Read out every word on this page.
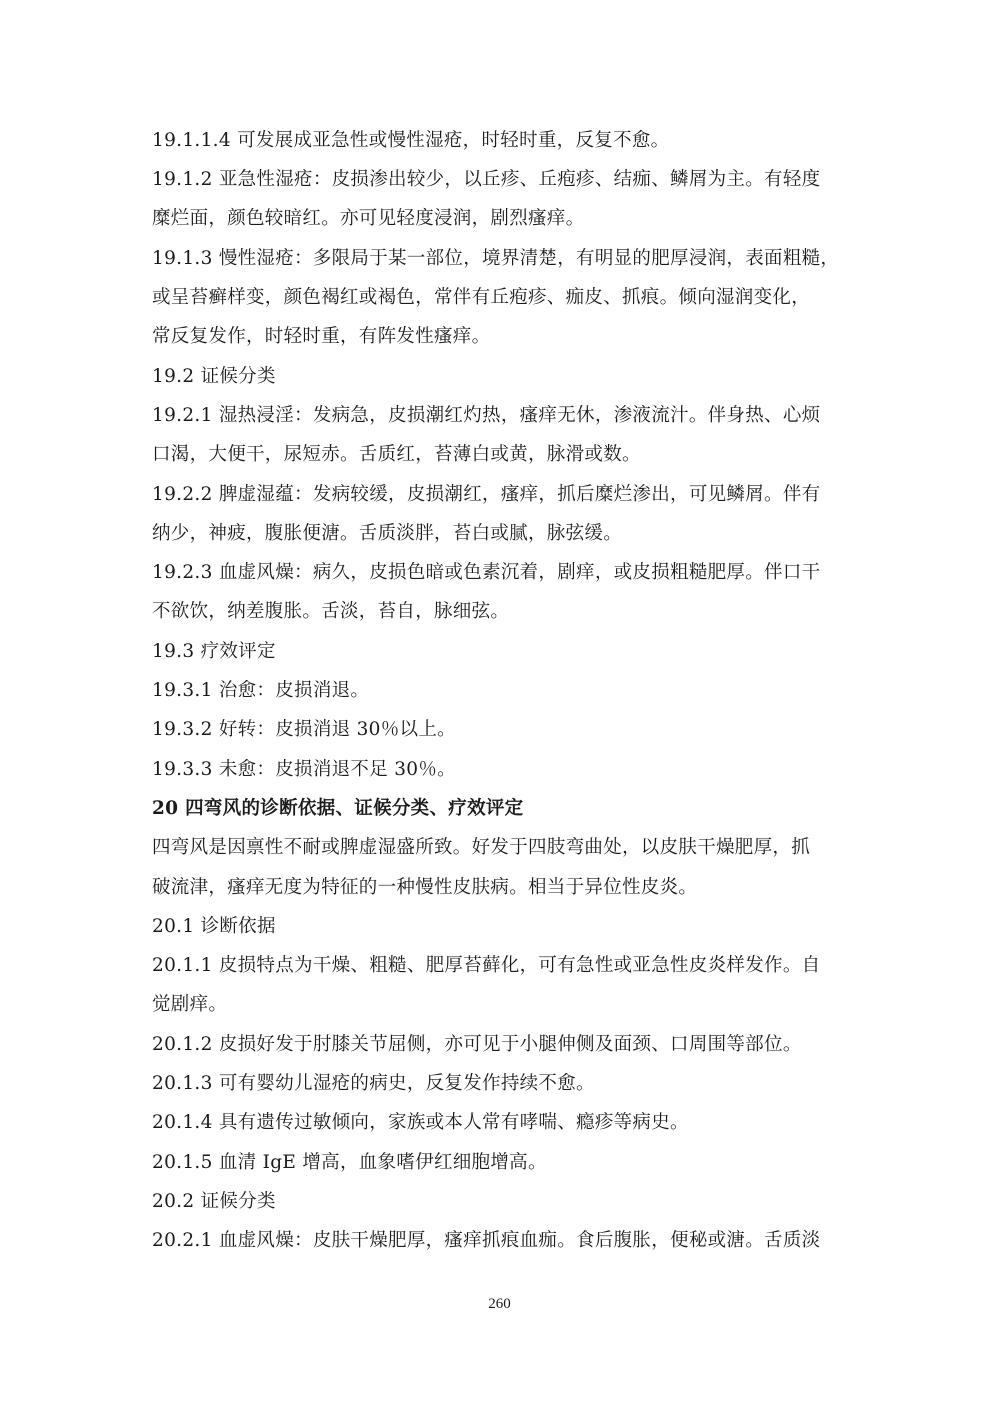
19.1.1.4 可发展成亚急性或慢性湿疮，时轻时重，反复不愈。
19.1.2 亚急性湿疮：皮损渗出较少，以丘疹、丘疱疹、结痂、鳞屑为主。有轻度
糜烂面，颜色较暗红。亦可见轻度浸润，剧烈瘙痒。
19.1.3 慢性湿疮：多限局于某一部位，境界清楚，有明显的肥厚浸润，表面粗糙，
或呈苔癣样变，颜色褐红或褐色，常伴有丘疱疹、痂皮、抓痕。倾向湿润变化，
常反复发作，时轻时重，有阵发性瘙痒。
19.2 证候分类
19.2.1 湿热浸淫：发病急，皮损潮红灼热，瘙痒无休，渗液流汁。伴身热、心烦
口渴，大便干，尿短赤。舌质红，苔薄白或黄，脉滑或数。
19.2.2 脾虚湿蕴：发病较缓，皮损潮红，瘙痒，抓后糜烂渗出，可见鳞屑。伴有
纳少，神疲，腹胀便溏。舌质淡胖，苔白或腻，脉弦缓。
19.2.3 血虚风燥：病久，皮损色暗或色素沉着，剧痒，或皮损粗糙肥厚。伴口干
不欲饮，纳差腹胀。舌淡，苔自，脉细弦。
19.3 疗效评定
19.3.1 治愈：皮损消退。
19.3.2 好转：皮损消退 30％以上。
19.3.3 未愈：皮损消退不足 30％。
20 四弯风的诊断依据、证候分类、疗效评定
四弯风是因禀性不耐或脾虚湿盛所致。好发于四肢弯曲处，以皮肤干燥肥厚，抓
破流津，瘙痒无度为特征的一种慢性皮肤病。相当于异位性皮炎。
20.1 诊断依据
20.1.1 皮损特点为干燥、粗糙、肥厚苔藓化，可有急性或亚急性皮炎样发作。自
觉剧痒。
20.1.2 皮损好发于肘膝关节屈侧，亦可见于小腿伸侧及面颈、口周围等部位。
20.1.3 可有婴幼儿湿疮的病史，反复发作持续不愈。
20.1.4 具有遗传过敏倾向，家族或本人常有哮喘、瘾疹等病史。
20.1.5 血清 IgE 增高，血象嗜伊红细胞增高。
20.2 证候分类
20.2.1 血虚风燥：皮肤干燥肥厚，瘙痒抓痕血痂。食后腹胀，便秘或溏。舌质淡
260
